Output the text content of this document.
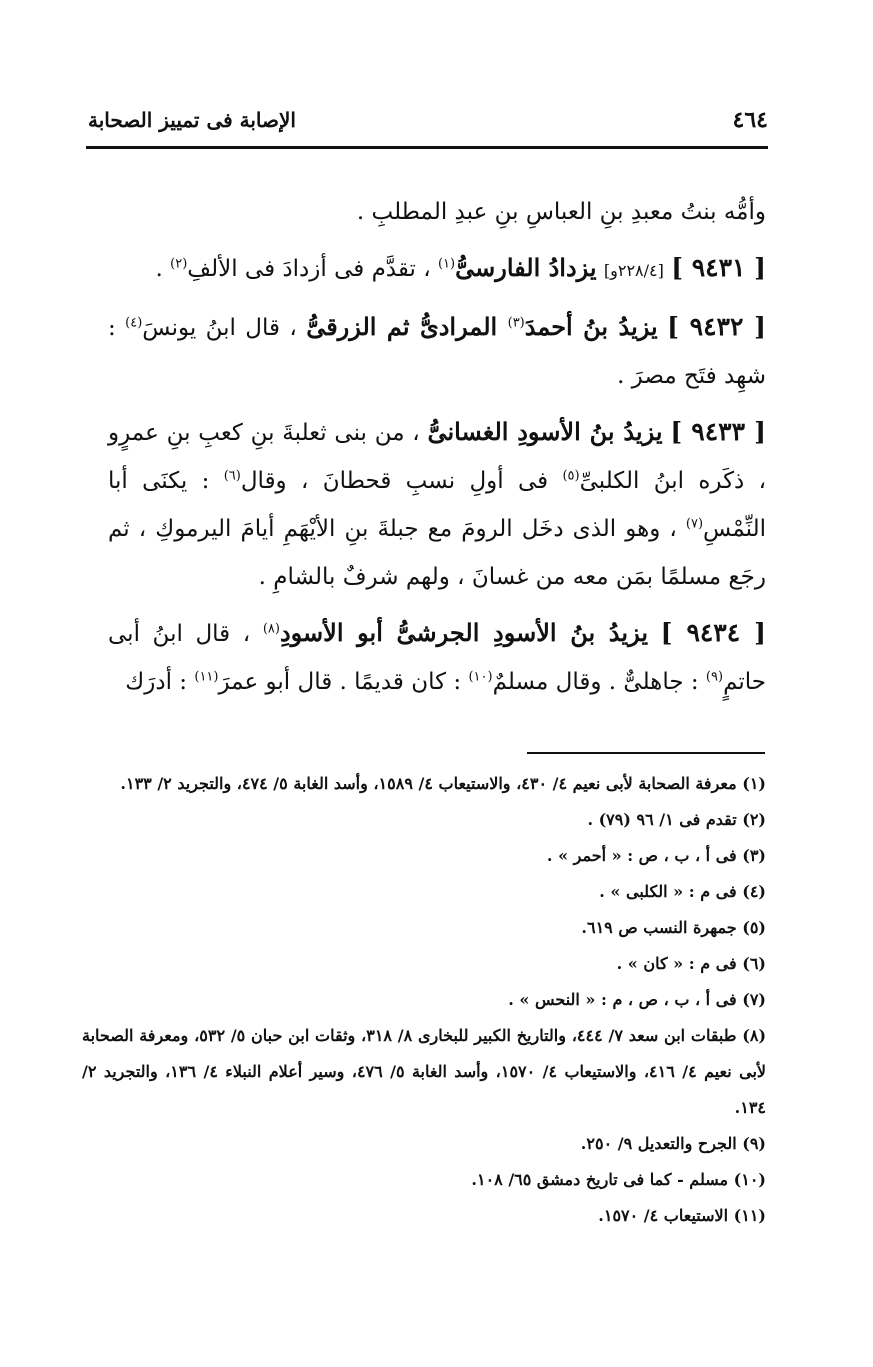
٤٦٤
الإصابة فى تمييز الصحابة

وأمُّه بنتُ معبدِ بنِ العباسِ بنِ عبدِ المطلبِ .

[ ٩٤٣١ ] [٢٢٨/٤و] يزدادُ الفارسىُّ$^{(١)}$ ، تقدَّم فى أزدادَ فى الألفِ$^{(٢)}$ .

[ ٩٤٣٢ ] يزيدُ بنُ أحمدَ$^{(٣)}$ المرادىُّ ثم الزرقىُّ ، قال ابنُ يونسَ$^{(٤)}$ : شهِد فتَح مصرَ .

[ ٩٤٣٣ ] يزيدُ بنُ الأسودِ الغسانىُّ ، من بنى ثعلبةَ بنِ كعبِ بنِ عمرٍو ، ذكَره ابنُ الكلبىِّ$^{(٥)}$ فى أولِ نسبِ قحطانَ ، وقال$^{(٦)}$ : يكنَى أبا النِّمْسِ$^{(٧)}$ ، وهو الذى دخَل الرومَ مع جبلةَ بنِ الأيْهَمِ أيامَ اليرموكِ ، ثم رجَع مسلمًا بمَن معه من غسانَ ، ولهم شرفٌ بالشامِ .

[ ٩٤٣٤ ] يزيدُ بنُ الأسودِ الجرشىُّ أبو الأسودِ$^{(٨)}$ ، قال ابنُ أبى حاتمٍ$^{(٩)}$ : جاهلىٌّ . وقال مسلمٌ$^{(١٠)}$ : كان قديمًا . قال أبو عمرَ$^{(١١)}$ : أدرَك

(١) معرفة الصحابة لأبى نعيم ٤/ ٤٣٠، والاستيعاب ٤/ ١٥٨٩، وأسد الغابة ٥/ ٤٧٤، والتجريد ٢/ ١٣٣.

(٢) تقدم فى ١/ ٩٦ (٧٩) .

(٣) فى أ ، ب ، ص : « أحمر » .

(٤) فى م : « الكلبى » .

(٥) جمهرة النسب ص ٦١٩.

(٦) فى م : « كان » .

(٧) فى أ ، ب ، ص ، م : « النحس » .

(٨) طبقات ابن سعد ٧/ ٤٤٤، والتاريخ الكبير للبخارى ٨/ ٣١٨، وثقات ابن حبان ٥/ ٥٣٢، ومعرفة الصحابة لأبى نعيم ٤/ ٤١٦، والاستيعاب ٤/ ١٥٧٠، وأسد الغابة ٥/ ٤٧٦، وسير أعلام النبلاء ٤/ ١٣٦، والتجريد ٢/ ١٣٤.

(٩) الجرح والتعديل ٩/ ٢٥٠.

(١٠) مسلم - كما فى تاريخ دمشق ٦٥/ ١٠٨.

(١١) الاستيعاب ٤/ ١٥٧٠.
